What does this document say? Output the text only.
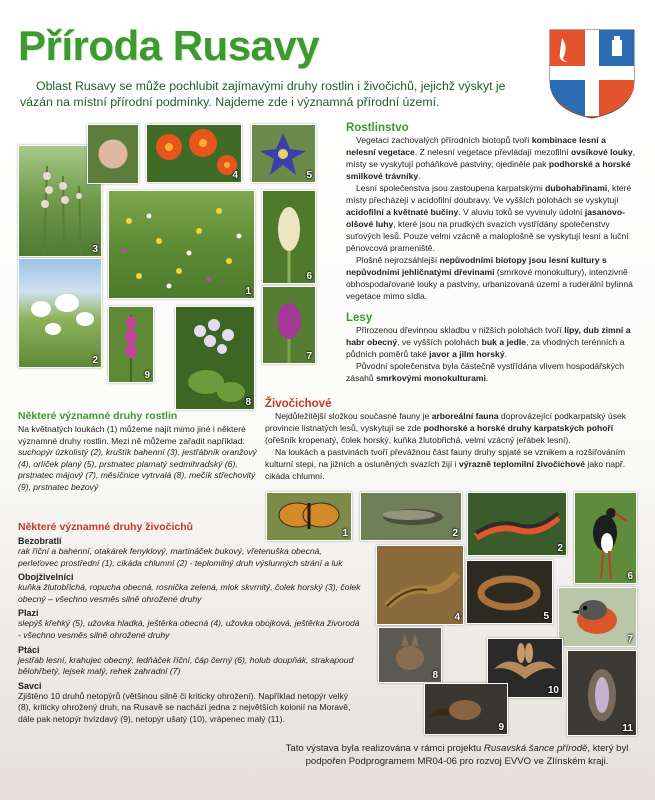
Příroda Rusavy
Oblast Rusavy se může pochlubit zajímavými druhy rostlin i živočichů, jejichž výskyt je vázán na místní přírodní podmínky. Najdeme zde i významná přírodní území.
3
2
4	5
1
6
7
9
8
Rostlinstvo

Vegetaci zachovalých přírodních biotopů tvoří kombinace lesní a nelesní vegetace. Z nelesní vegetace převládají mezofilní ovsíkové louky, místy se vyskytují poháňkové pastviny, ojediněle pak podhorské a horské smilkové trávníky.

Lesní společenstva jsou zastoupena karpatskými dubohabřinami, které místy přecházejí v acidofilní doubravy. Ve vyšších polohách se vyskytují acidofilní a květnaté bučiny. V aluviu toků se vyvinuly údolní jasanovo-olšové luhy, které jsou na prudkých svazích vystřídány společenstvy suťových lesů. Pouze velmi vzácně a maloplošně se vyskytují lesní a luční pěnovcová prameniště.

Plošně nejrozsáhlejší nepůvodními biotopy jsou lesní kultury s nepůvodními jehličnatými dřevinami (smrkové monokultury), intenzivně obhospodařované louky a pastviny, urbanizovaná území a ruderální bylinná vegetace mimo sídla.

Lesy

Přirozenou dřevinnou skladbu v nižších polohách tvoří lípy, dub zimní a habr obecný, ve vyšších polohách buk a jedle, za vhodných terénních a půdních poměrů také javor a jilm horský.

Původní společenstva byla částečně vystřídána vlivem hospodářských zásahů smrkovými monokulturami.

Živočichové

Nejdůležitější složkou současné fauny je arboreální fauna doprovázející podkarpatský úsek provincie listnatých lesů, vyskytují se zde podhorské a horské druhy karpatských pohoří (ořešník kropenatý, čolek horský, kuňka žlutobřichá, velmi vzácný jeřábek lesní).

Na loukách a pastvinách tvoří převážnou část fauny druhy spjaté se vznikem a rozšiřováním kulturní stepi, na jižních a osluněných svazích žijí i výrazně teplomilní živočichové jako např. cikáda chlumní.

Některé významné druhy rostlin
Na květnatých loukách (1) můžeme najít mimo jiné i některé významné druhy rostlin. Mezi ně můžeme zařadit například:
suchopýr úzkolistý (2), kruštík bahenní (3), jestřábník oranžový (4), orlíček planý (5), prstnatec plamatý sedmihradský (6), prstnatec májový (7), měsíčnice vytrvalá (8), mečík střechovitý (9), prstnatec bezový
Některé významné druhy živočichů
Bezobratlí
rak říční a bahenní, otakárek fenyklový, martináček bukový, vřetenuška obecná, perleťovec prostřední (1), cikáda chlumní (2) - teplomilný druh výslunných strání a luk
Obojživelníci
kuňka žlutobřichá, ropucha obecná, rosnička zelená, mlok skvrnitý, čolek horský (3), čolek obecný – všechno vesměs silně ohrožené druhy
Plazi
slepýš křehký (5), užovka hladká, ještěrka obecná (4), užovka obojková, ještěrka živorodá - všechno vesměs silně ohrožené druhy
Ptáci
jestřáb lesní, krahujec obecný, ledňáček říční, čáp černý (6), holub doupňák, strakapoud bělohřbetý, lejsek malý, rehek zahradní (7)
Savci
Zjištěno 10 druhů netopýrů (většinou silně či kriticky ohrožení). Například netopýr velký (8), kriticky ohrožený druh, na Rusavě se nachází jedna z největších kolonií na Moravě, dále pak netopýr hvízdavý (9), netopýr ušatý (10), vrápenec malý (11).
1	2
2
6
4	5
7
8
10
11
9
Tato výstava byla realizována v rámci projektu Rusavská šance přírodě, který byl podpořen Podprogramem MR04-06 pro rozvoj EVVO ve Zlínském kraji.
